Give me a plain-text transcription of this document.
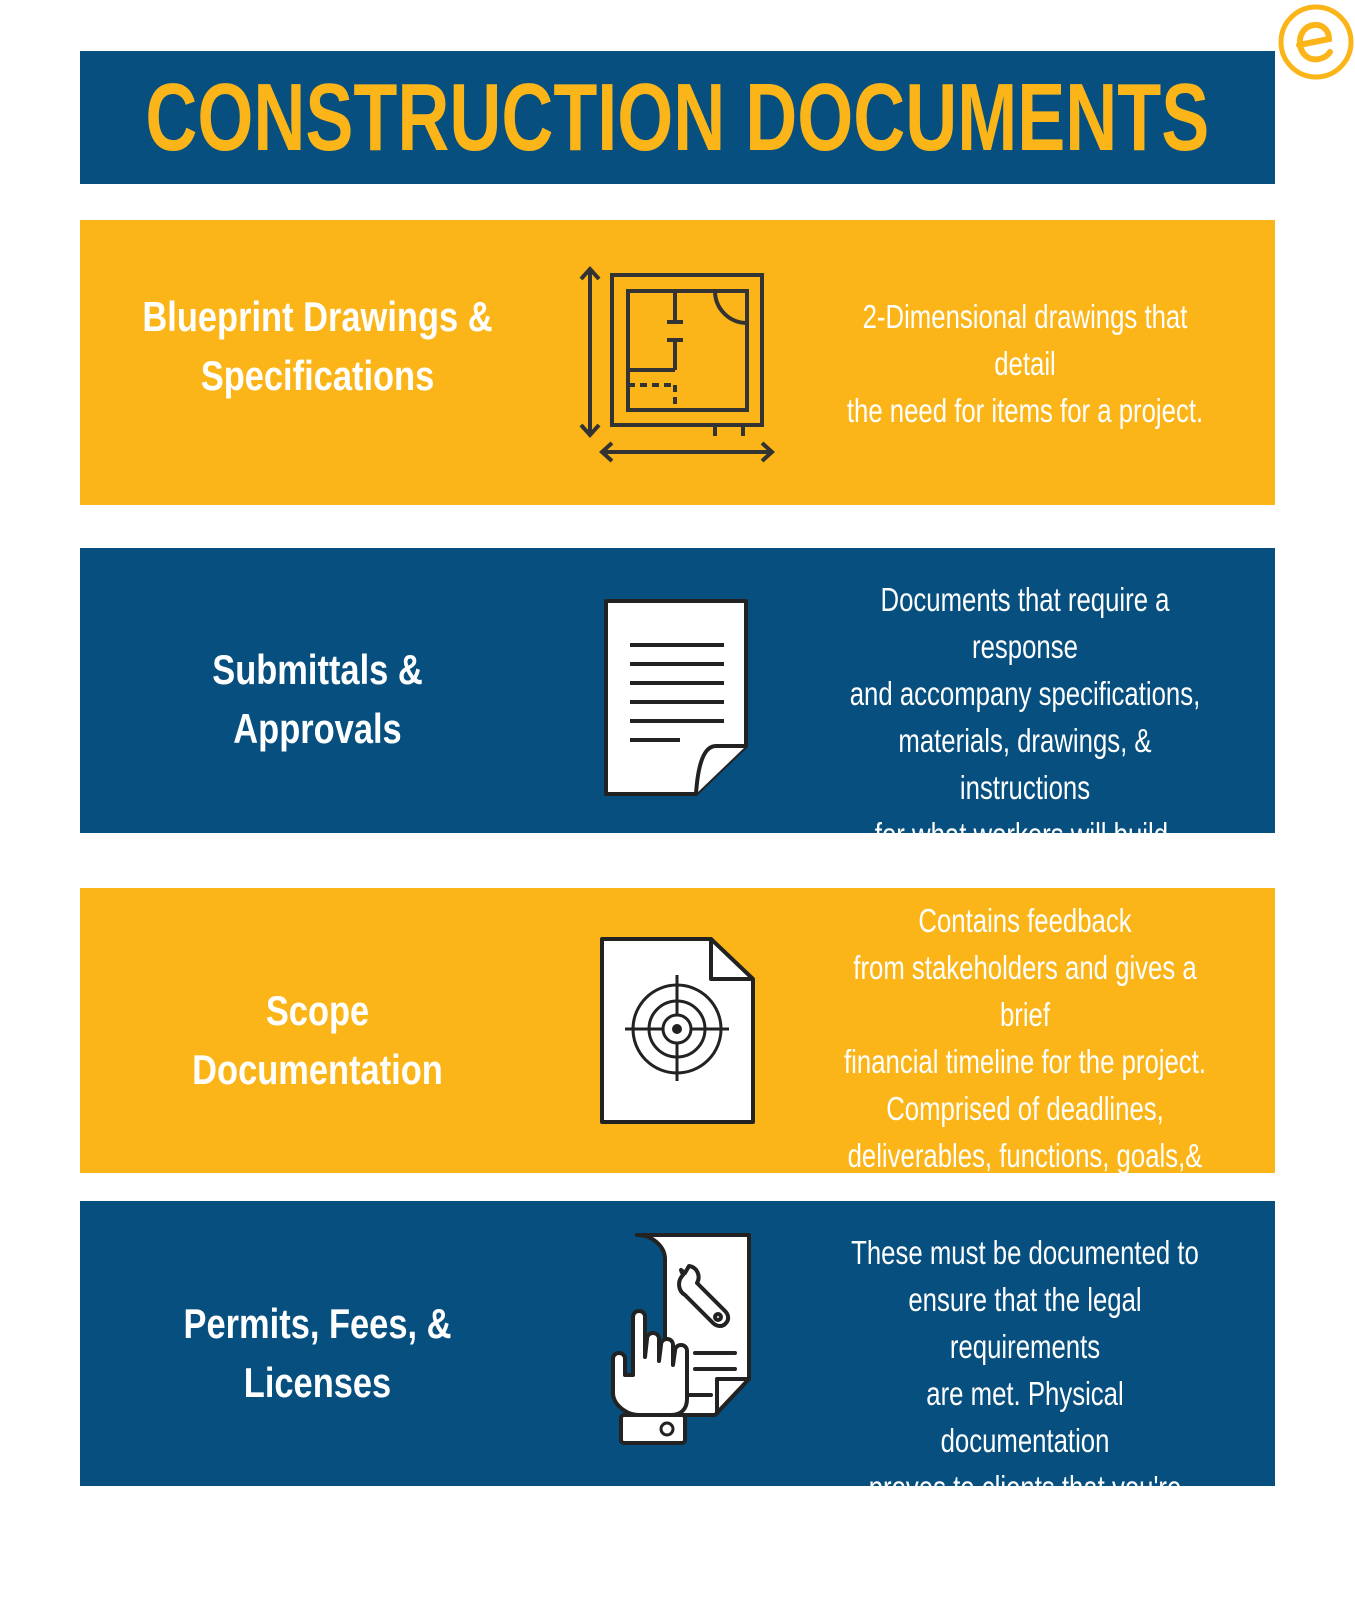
CONSTRUCTION DOCUMENTS
Blueprint Drawings &
Specifications
2-Dimensional drawings that detail
the need for items for a project.
Submittals &
Approvals
Documents that require a response
and accompany specifications,
materials, drawings, & instructions
for what workers will build.
Scope
Documentation
Contains feedback
from stakeholders and gives a brief
financial timeline for the project.
Comprised of deadlines,
deliverables, functions, goals,&

Permits, Fees, &
Licenses
These must be documented to
ensure that the legal requirements
are met. Physical documentation
proves to clients that you're
responsible and qualifed for the job.
